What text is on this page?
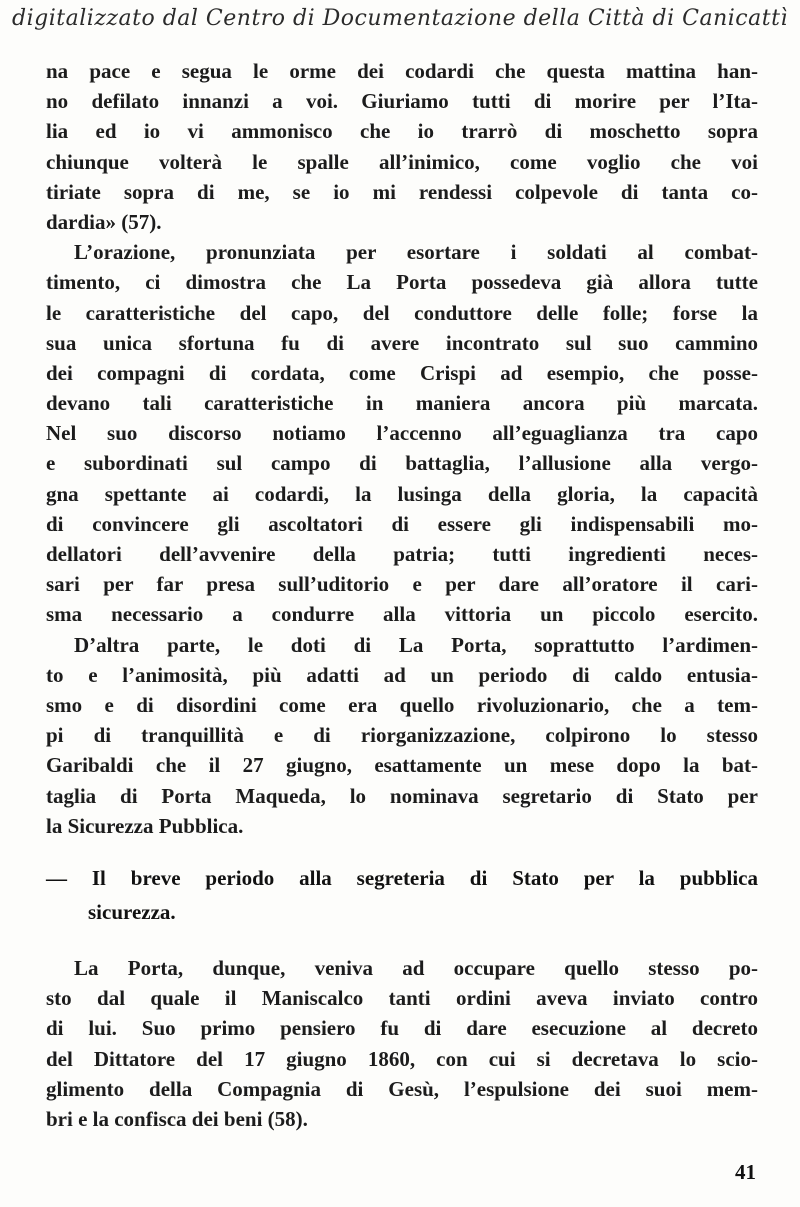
digitalizzato dal Centro di Documentazione della Città di Canicattì
na pace e segua le orme dei codardi che questa mattina han-
no defilato innanzi a voi. Giuriamo tutti di morire per l’Ita-
lia ed io vi ammonisco che io trarrò di moschetto sopra
chiunque volterà le spalle all’inimico, come voglio che voi
tiriate sopra di me, se io mi rendessi colpevole di tanta co-
dardia» (57).
L’orazione, pronunziata per esortare i soldati al combat-
timento, ci dimostra che La Porta possedeva già allora tutte
le caratteristiche del capo, del conduttore delle folle; forse la
sua unica sfortuna fu di avere incontrato sul suo cammino
dei compagni di cordata, come Crispi ad esempio, che posse-
devano tali caratteristiche in maniera ancora più marcata.
Nel suo discorso notiamo l’accenno all’eguaglianza tra capo
e subordinati sul campo di battaglia, l’allusione alla vergo-
gna spettante ai codardi, la lusinga della gloria, la capacità
di convincere gli ascoltatori di essere gli indispensabili mo-
dellatori dell’avvenire della patria; tutti ingredienti neces-
sari per far presa sull’uditorio e per dare all’oratore il cari-
sma necessario a condurre alla vittoria un piccolo esercito.
D’altra parte, le doti di La Porta, soprattutto l’ardimen-
to e l’animosità, più adatti ad un periodo di caldo entusia-
smo e di disordini come era quello rivoluzionario, che a tem-
pi di tranquillità e di riorganizzazione, colpirono lo stesso
Garibaldi che il 27 giugno, esattamente un mese dopo la bat-
taglia di Porta Maqueda, lo nominava segretario di Stato per
la Sicurezza Pubblica.
— Il breve periodo alla segreteria di Stato per la pubblica
sicurezza.
La Porta, dunque, veniva ad occupare quello stesso po-
sto dal quale il Maniscalco tanti ordini aveva inviato contro
di lui. Suo primo pensiero fu di dare esecuzione al decreto
del Dittatore del 17 giugno 1860, con cui si decretava lo scio-
glimento della Compagnia di Gesù, l’espulsione dei suoi mem-
bri e la confisca dei beni (58).
41
